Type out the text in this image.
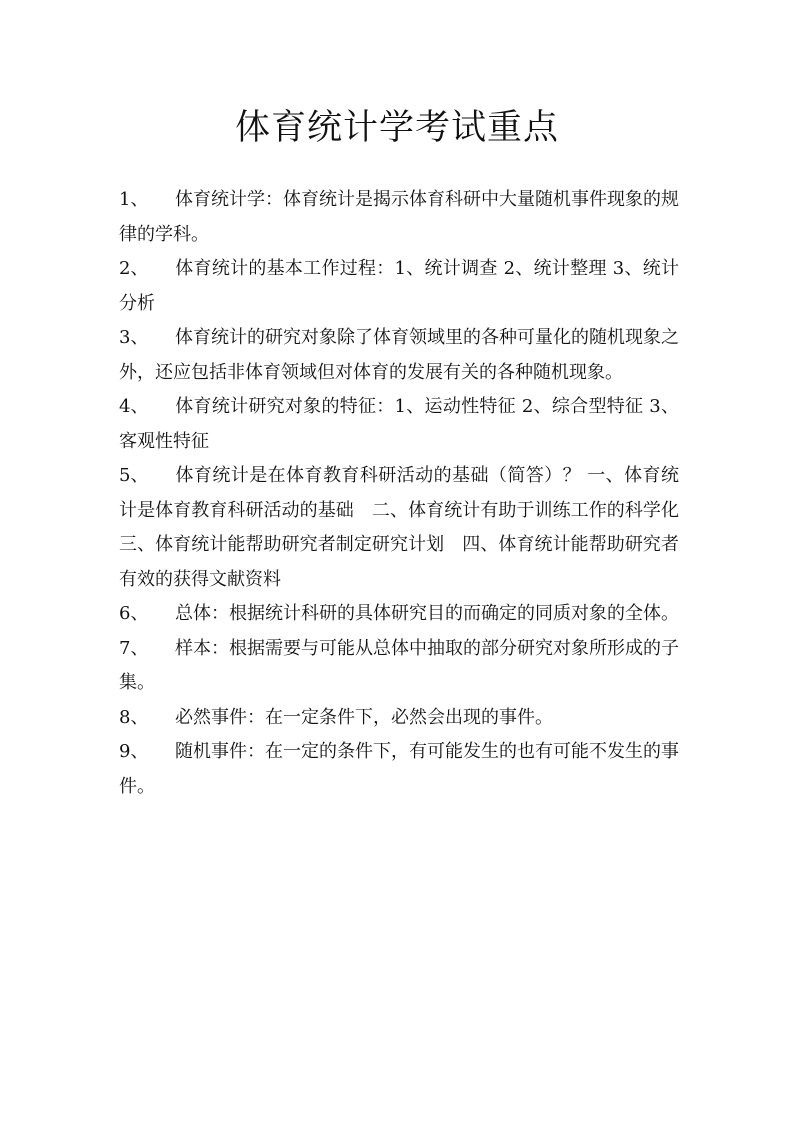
体育统计学考试重点
1、 体育统计学：体育统计是揭示体育科研中大量随机事件现象的规律的学科。
2、 体育统计的基本工作过程：1、统计调查 2、统计整理 3、统计分析
3、 体育统计的研究对象除了体育领域里的各种可量化的随机现象之外，还应包括非体育领域但对体育的发展有关的各种随机现象。
4、 体育统计研究对象的特征：1、运动性特征 2、综合型特征 3、客观性特征
5、 体育统计是在体育教育科研活动的基础（简答）？ 一、体育统计是体育教育科研活动的基础　二、体育统计有助于训练工作的科学化　三、体育统计能帮助研究者制定研究计划　四、体育统计能帮助研究者有效的获得文献资料
6、 总体：根据统计科研的具体研究目的而确定的同质对象的全体。
7、 样本：根据需要与可能从总体中抽取的部分研究对象所形成的子集。
8、 必然事件：在一定条件下，必然会出现的事件。
9、 随机事件：在一定的条件下，有可能发生的也有可能不发生的事件。
